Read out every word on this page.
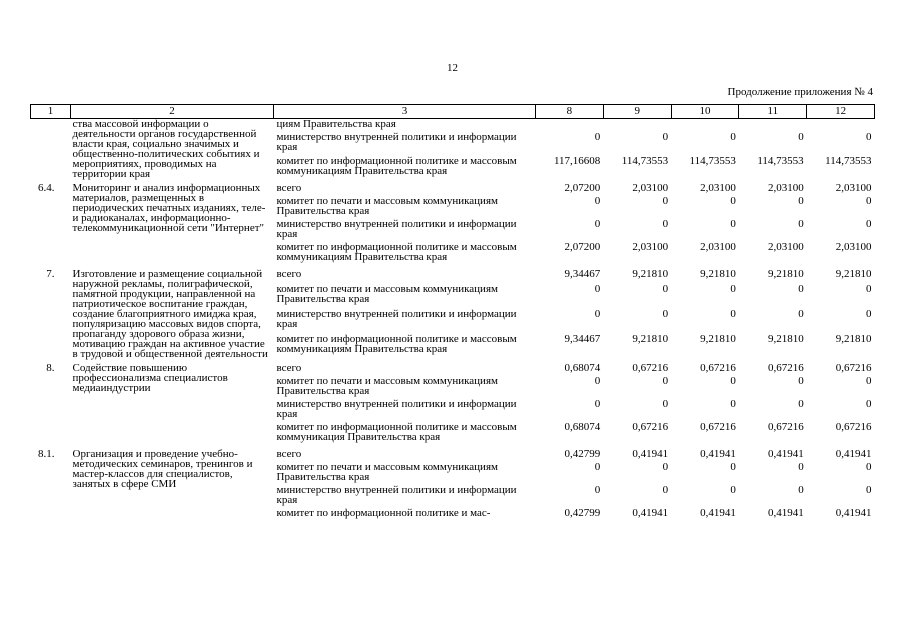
12
Продолжение приложения № 4
1	2	3	8	9	10	11	12
	ства массовой информации о деятельности органов государственной власти края, социально значимых и общественно-политических событиях и мероприятиях, проводимых на территории края	циям Правительства края					
		министерство внутренней политики и информации края	0	0	0	0	0
		комитет по информационной политике и массовым коммуникациям Правительства края	117,16608	114,73553	114,73553	114,73553	114,73553
6.4.	Мониторинг и анализ информационных материалов, размещенных в периодических печатных изданиях, теле- и радиоканалах, информационно-телекоммуникационной сети "Интернет"	всего	2,07200	2,03100	2,03100	2,03100	2,03100
		комитет по печати и массовым коммуникациям Правительства края	0	0	0	0	0
		министерство внутренней политики и информации края	0	0	0	0	0
		комитет по информационной политике и массовым коммуникациям Правительства края	2,07200	2,03100	2,03100	2,03100	2,03100
7.	Изготовление и размещение социальной наружной рекламы, полиграфической, памятной продукции, направленной на патриотическое воспитание граждан, создание благоприятного имиджа края, популяризацию массовых видов спорта, пропаганду здорового образа жизни, мотивацию граждан на активное участие в трудовой и общественной деятельности	всего	9,34467	9,21810	9,21810	9,21810	9,21810
		комитет по печати и массовым коммуникациям Правительства края	0	0	0	0	0
		министерство внутренней политики и информации края	0	0	0	0	0
		комитет по информационной политике и массовым коммуникациям Правительства края	9,34467	9,21810	9,21810	9,21810	9,21810
8.	Содействие повышению профессионализма специалистов медиаиндустрии	всего	0,68074	0,67216	0,67216	0,67216	0,67216
		комитет по печати и массовым коммуникациям Правительства края	0	0	0	0	0
		министерство внутренней политики и информации края	0	0	0	0	0
		комитет по информационной политике и массовым коммуникация Правительства края	0,68074	0,67216	0,67216	0,67216	0,67216
8.1.	Организация и проведение учебно-методических семинаров, тренингов и мастер-классов для специалистов, занятых в сфере СМИ	всего	0,42799	0,41941	0,41941	0,41941	0,41941
		комитет по печати и массовым коммуникациям Правительства края	0	0	0	0	0
		министерство внутренней политики и информации края	0	0	0	0	0
		комитет по информационной политике и мас-	0,42799	0,41941	0,41941	0,41941	0,41941
